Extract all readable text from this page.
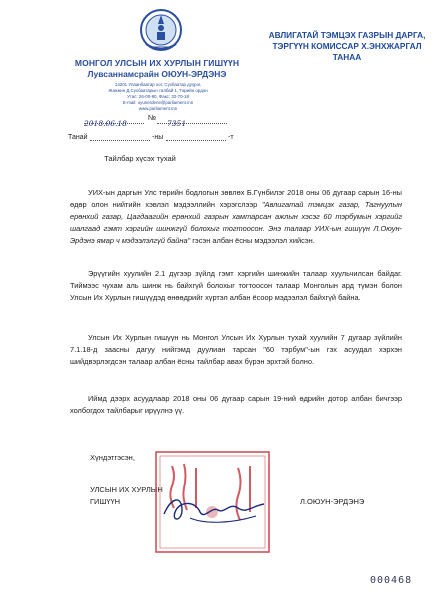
МОНГОЛ УЛСЫН ИХ ХУРЛЫН ГИШҮҮН
Лувсаннамсрайн ОЮУН-ЭРДЭНЭ
14201 Улаанбаатар хот, Сүхбаатар дүүрэг,
Жанжин Д.Сүхбаатарын талбай 1, Төрийн ордон
Утас: 26-00-90, Факс: 32-70-18
E-mail: oyunerdene@parliament.mn
www.parliament.mn
2018.06.18
№
7351
Танай	-ны	-т
АВЛИГАТАЙ ТЭМЦЭХ ГАЗРЫН ДАРГА,
ТЭРГҮҮН КОМИССАР Х.ЭНХЖАРГАЛ
ТАНАА
Тайлбар хүсэх тухай
УИХ-ын даргын Улс төрийн бодлогын зөвлөх Б.Гүнбилэг 2018 оны 06 дугаар сарын 16-ны өдөр олон нийтийн хэвлэл мэдээллийн хэрэгслээр "Авлигатай тэмцэх газар, Тагнуулын ерөнхий газар, Цагдаагийн ерөнхий газрын хамтарсан ажлын хэсэг 60 тэрбумын хэргийг шалгаад гэмт хэргийн шинжгүй болохыг тогтоосон. Энэ талаар УИХ-ын гишүүн Л.Оюун-Эрдэнэ ямар ч мэдээлэлгүй байна" гэсэн албан ёсны мэдээлэл хийсэн.
Эрүүгийн хуулийн 2.1 дүгээр зүйлд гэмт хэргийн шинжийн талаар хуульчилсан байдаг. Тиймээс чухам аль шинж нь байхгүй болохыг тогтоосон талаар Монголын ард түмэн болон Улсын Их Хурлын гишүүдэд өнөөдрийг хүртэл албан ёсоор мэдээлэл байхгүй байна.
Улсын Их Хурлын гишүүн нь Монгол Улсын Их Хурлын тухай хуулийн 7 дугаар зүйлийн 7.1.18-д заасны дагуу нийгэмд дуулиан тарсан "60 тэрбум"-ын гэх асуудал хэрхэн шийдвэрлэгдсэн талаар албан ёсны тайлбар авах бүрэн эрхтэй болно.
Иймд дээрх асуудлаар 2018 оны 06 дугаар сарын 19-ний өдрийн дотор албан бичгээр холбогдох тайлбарыг ирүүлнэ үү.
Хүндэтгэсэн,
УЛСЫН ИХ ХУРЛЫН
ГИШҮҮН	Л.ОЮУН-ЭРДЭНЭ
000468
